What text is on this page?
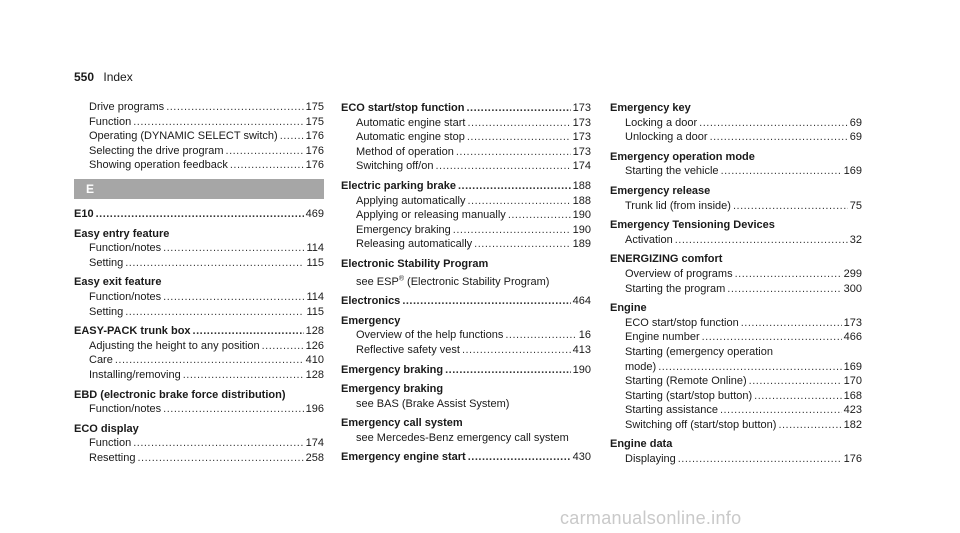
550 Index
Drive programs .....	175
Function .....	175
Operating (DYNAMIC SELECT switch) .....	176
Selecting the drive program .....	176
Showing operation feedback .....	176
E
E10 .....	469
Easy entry feature
Function/notes .....	114
Setting .....	115
Easy exit feature
Function/notes .....	114
Setting .....	115
EASY-PACK trunk box .....	128
Adjusting the height to any position .....	126
Care .....	410
Installing/removing .....	128
EBD (electronic brake force distribution)
Function/notes .....	196
ECO display
Function .....	174
Resetting .....	258
ECO start/stop function .....	173
Automatic engine start .....	173
Automatic engine stop .....	173
Method of operation .....	173
Switching off/on .....	174
Electric parking brake .....	188
Applying automatically .....	188
Applying or releasing manually .....	190
Emergency braking .....	190
Releasing automatically .....	189
Electronic Stability Program
see ESP® (Electronic Stability Program)
Electronics .....	464
Emergency
Overview of the help functions .....	16
Reflective safety vest .....	413
Emergency braking .....	190
Emergency braking
see BAS (Brake Assist System)
Emergency call system
see Mercedes-Benz emergency call system
Emergency engine start .....	430
Emergency key
Locking a door .....	69
Unlocking a door .....	69
Emergency operation mode
Starting the vehicle .....	169
Emergency release
Trunk lid (from inside) .....	75
Emergency Tensioning Devices
Activation .....	32
ENERGIZING comfort
Overview of programs .....	299
Starting the program .....	300
Engine
ECO start/stop function .....	173
Engine number .....	466
Starting (emergency operation
mode) .....	169
Starting (Remote Online) .....	170
Starting (start/stop button) .....	168
Starting assistance .....	423
Switching off (start/stop button) .....	182
Engine data
Displaying .....	176
carmanualsonline.info
